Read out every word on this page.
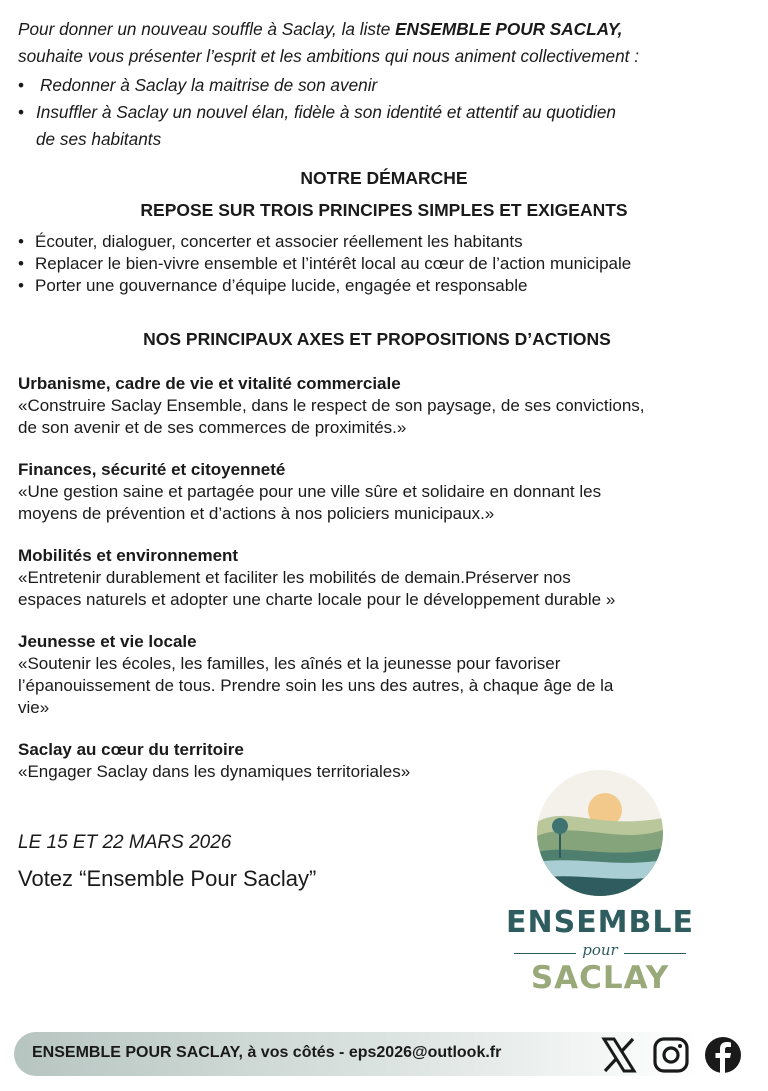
Pour donner un nouveau souffle à Saclay, la liste ENSEMBLE POUR SACLAY,
souhaite vous présenter l’esprit et les ambitions qui nous animent collectivement :
• Redonner à Saclay la maitrise de son avenir
• Insuffler à Saclay un nouvel élan, fidèle à son identité et attentif au quotidien
de ses habitants
NOTRE DÉMARCHE
REPOSE SUR TROIS PRINCIPES SIMPLES ET EXIGEANTS
• Écouter, dialoguer, concerter et associer réellement les habitants
• Replacer le bien-vivre ensemble et l’intérêt local au cœur de l’action municipale
• Porter une gouvernance d’équipe lucide, engagée et responsable
NOS PRINCIPAUX AXES ET PROPOSITIONS D’ACTIONS
Urbanisme, cadre de vie et vitalité commerciale
«Construire Saclay Ensemble, dans le respect de son paysage, de ses convictions,
de son avenir et de ses commerces de proximités.»
Finances, sécurité et citoyenneté
«Une gestion saine et partagée pour une ville sûre et solidaire en donnant les
moyens de prévention et d’actions à nos policiers municipaux.»
Mobilités et environnement
«Entretenir durablement et faciliter les mobilités de demain.Préserver nos
espaces naturels et adopter une charte locale pour le développement durable »
Jeunesse et vie locale
«Soutenir les écoles, les familles, les aînés et la jeunesse pour favoriser
l’épanouissement de tous. Prendre soin les uns des autres, à chaque âge de la
vie»
Saclay au cœur du territoire
«Engager Saclay dans les dynamiques territoriales»
LE 15 ET 22 MARS 2026
Votez “Ensemble Pour Saclay”
ENSEMBLE
pour
SACLAY
ENSEMBLE POUR SACLAY, à vos côtés - eps2026@outlook.fr
